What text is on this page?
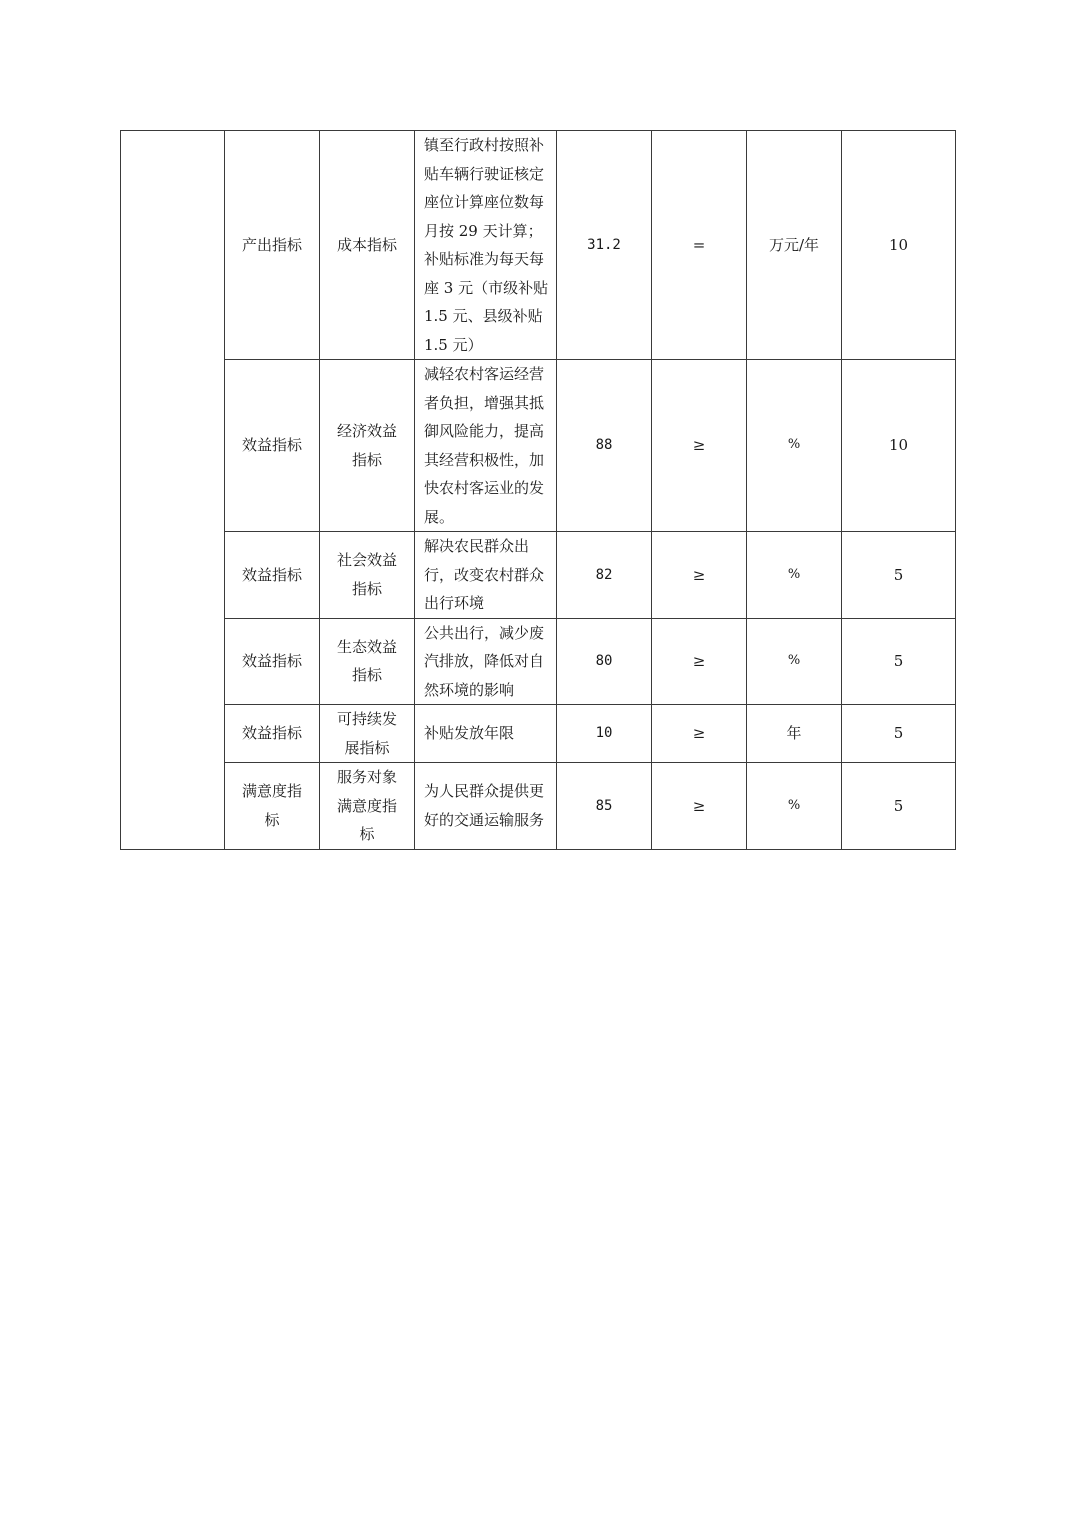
	产出指标	成本指标	镇至行政村按照补贴车辆行驶证核定座位计算座位数每月按 29 天计算；补贴标准为每天每座 3 元（市级补贴 1.5 元、县级补贴 1.5 元）	31.2	=	万元/年	10

	效益指标	经济效益指标	减轻农村客运经营者负担，增强其抵御风险能力，提高其经营积极性，加快农村客运业的发展。	88	≥	%	10

	效益指标	社会效益指标	解决农民群众出行，改变农村群众出行环境	82	≥	%	5

	效益指标	生态效益指标	公共出行，减少废汽排放，降低对自然环境的影响	80	≥	%	5

	效益指标	可持续发展指标	补贴发放年限	10	≥	年	5

	满意度指标	服务对象满意度指标	为人民群众提供更好的交通运输服务	85	≥	%	5
